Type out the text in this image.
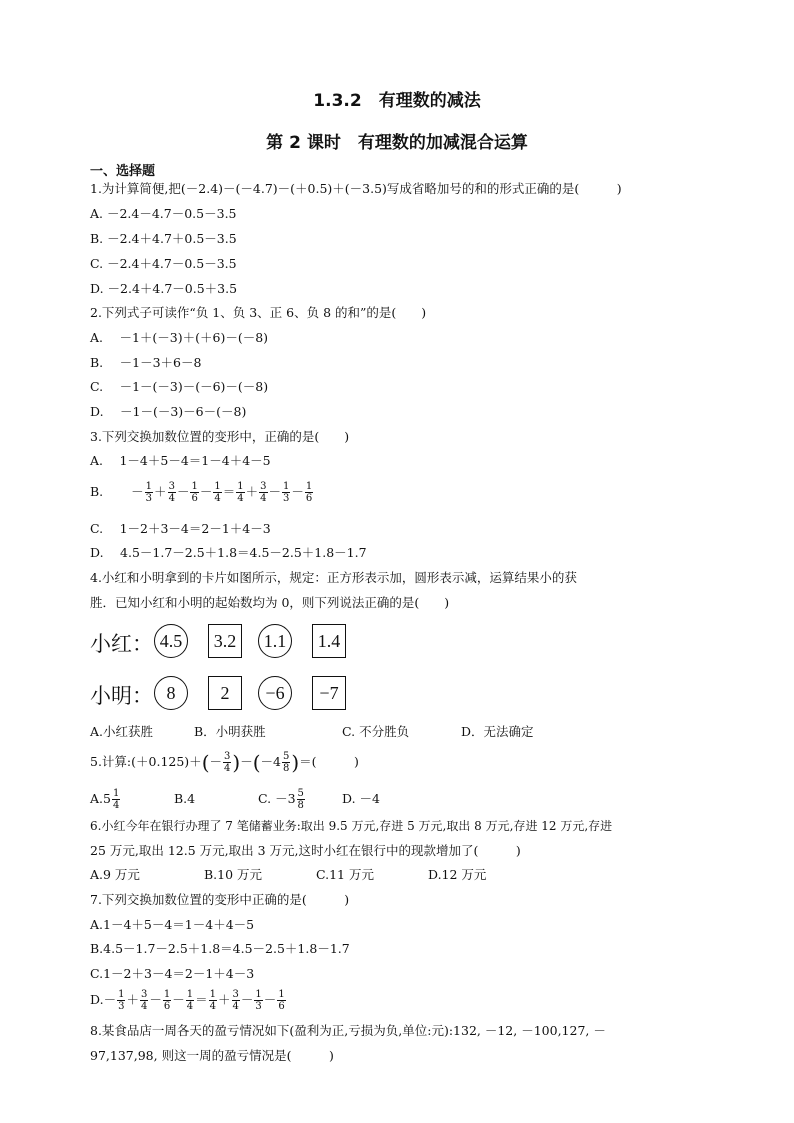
1.3.2　有理数的减法
第 2 课时　有理数的加减混合运算
一、选择题
1.为计算简便,把(－2.4)－(－4.7)－(＋0.5)＋(－3.5)写成省略加号的和的形式正确的是(　　　)
A. －2.4－4.7－0.5－3.5
B. －2.4＋4.7＋0.5－3.5
C. －2.4＋4.7－0.5－3.5
D. －2.4＋4.7－0.5＋3.5
2.下列式子可读作“负 1、负 3、正 6、负 8 的和”的是(　　)
A.　 －1＋(－3)＋(＋6)－(－8)
B.　 －1－3＋6－8
C.　 －1－(－3)－(－6)－(－8)
D.　 －1－(－3)－6－(－8)
3.下列交换加数位置的变形中，正确的是(　　)
A.　 1－4＋5－4＝1－4＋4－5
B. － $\frac{1}{3} + \frac{3}{4} - \frac{1}{6} - \frac{1}{4} = \frac{1}{4} + \frac{3}{4} - \frac{1}{3} - \frac{1}{6}$
C.　 1－2＋3－4＝2－1＋4－3
D.　 4.5－1.7－2.5＋1.8＝4.5－2.5＋1.8－1.7
4.小红和小明拿到的卡片如图所示，规定：正方形表示加，圆形表示减，运算结果小的获
胜．已知小红和小明的起始数均为 0，则下列说法正确的是(　　)
小红： 4.5	3.2	1.1	1.4
小明： 8	2	−6	−7
A.小红获胜	B．小明获胜	C. 不分胜负	D．无法确定
5.计算:(＋0.125)＋(－ $\frac{3}{4} )-(-4 \frac{5}{8}$ )＝(　　　)
$A.5 \frac{1}{4}$	B.4	C. $-3 \frac{5}{8}$	D. －4
6.小红今年在银行办理了 7 笔储蓄业务:取出 9.5 万元,存进 5 万元,取出 8 万元,存进 12 万元,存进
25 万元,取出 12.5 万元,取出 3 万元,这时小红在银行中的现款增加了(　　　)
A.9 万元	B.10 万元	C.11 万元	D.12 万元
7.下列交换加数位置的变形中正确的是(　　　)
A.1－4＋5－4＝1－4＋4－5
B.4.5－1.7－2.5＋1.8＝4.5－2.5＋1.8－1.7
C.1－2＋3－4＝2－1＋4－3
$D.- \frac{1}{3} + \frac{3}{4} - \frac{1}{6} - \frac{1}{4} = \frac{1}{4} + \frac{3}{4} - \frac{1}{3} - \frac{1}{6}$
8.某食品店一周各天的盈亏情况如下(盈利为正,亏损为负,单位:元):132, －12, －100,127, －
97,137,98, 则这一周的盈亏情况是(　　　)
